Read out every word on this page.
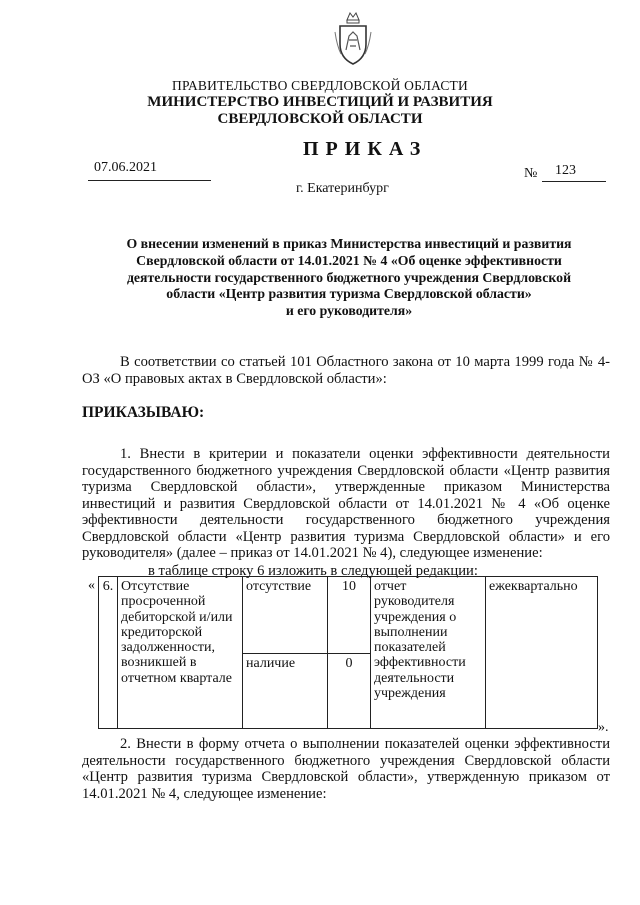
ПРАВИТЕЛЬСТВО СВЕРДЛОВСКОЙ ОБЛАСТИ
МИНИСТЕРСТВО ИНВЕСТИЦИЙ И РАЗВИТИЯ
СВЕРДЛОВСКОЙ ОБЛАСТИ
ПРИКАЗ
07.06.2021	№ 123
г. Екатеринбург
О внесении изменений в приказ Министерства инвестиций и развития
Свердловской области от 14.01.2021 № 4 «Об оценке эффективности
деятельности государственного бюджетного учреждения Свердловской
области «Центр развития туризма Свердловской области»
и его руководителя»
В соответствии со статьей 101 Областного закона от 10 марта 1999 года № 4-ОЗ «О правовых актах в Свердловской области»:
ПРИКАЗЫВАЮ:
1. Внести в критерии и показатели оценки эффективности деятельности государственного бюджетного учреждения Свердловской области «Центр развития туризма Свердловской области», утвержденные приказом Министерства инвестиций и развития Свердловской области от 14.01.2021 № 4 «Об оценке эффективности деятельности государственного бюджетного учреждения Свердловской области «Центр развития туризма Свердловской области» и его руководителя» (далее – приказ от 14.01.2021 № 4), следующее изменение:
в таблице строку 6 изложить в следующей редакции:
« 6.	Отсутствие просроченной дебиторской и/или кредиторской задолженности, возникшей в отчетном квартале	отсутствие	10	отчет руководителя учреждения о выполнении показателей эффективности деятельности учреждения	ежеквартально
		наличие	0		
».
2. Внести в форму отчета о выполнении показателей оценки эффективности деятельности государственного бюджетного учреждения Свердловской области «Центр развития туризма Свердловской области», утвержденную приказом от 14.01.2021 № 4, следующее изменение:
